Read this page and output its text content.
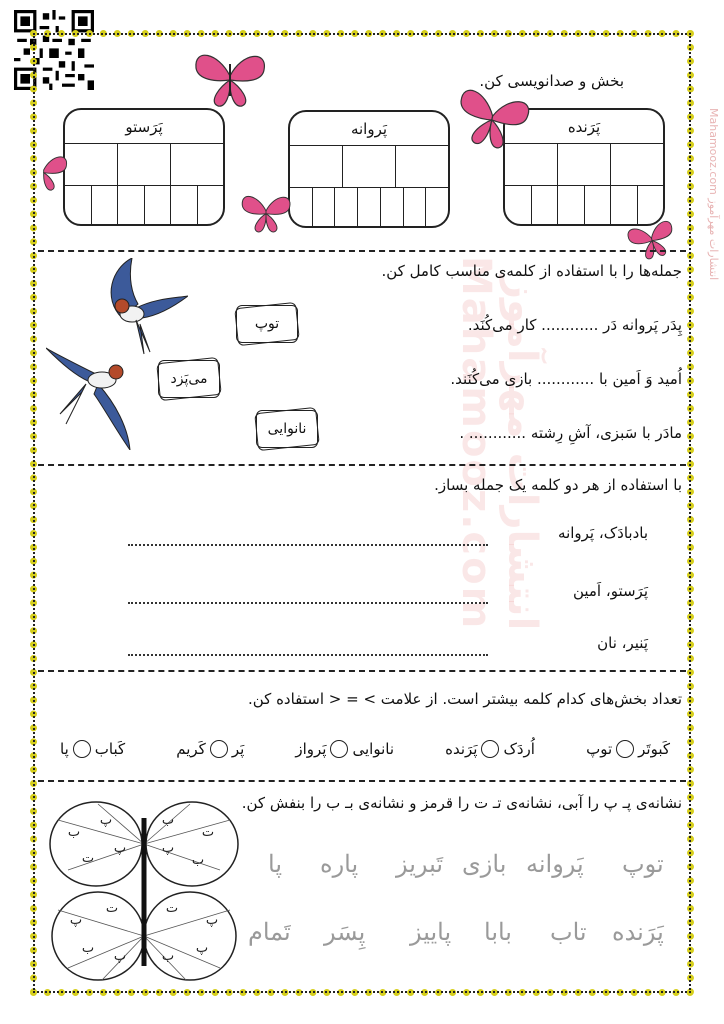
انتشارات مهرآموز Mahamooz.com
انتشارات مهرآموز Mahamooz.com
بخش و صدانویسی کن.
پَرَنده
پَروانه
پَرَستو
جمله‌ها را با استفاده از کلمه‌ی مناسب کامل کن.
پِدَر پَروانه دَر ............ کار می‌کُنَد.
اُمید وَ اَمین با ............ بازی می‌کُنَند.
مادَر با سَبزی، آشِ رِشته ............ .
توپ
می‌پَزد
نانوایی
با استفاده از هر دو کلمه یک جمله بساز.
بادبادَک، پَروانه
پَرَستو، اَمین
پَنیر، نان
تعداد بخش‌های کدام کلمه بیشتر است. از علامت > = < استفاده کن.
کَبوتَر
توپ
اُردَک
پَرَنده
نانوایی
پَرواز
پَر
کَریم
کَباب
پا
نشانه‌ی پـ پ را آبی، نشانه‌ی تـ ت را قرمز و نشانه‌ی بـ ب را بنفش کن.
توپ
پَروانه
بازی
تَبریز
پاره
پا
پَرَنده
تاب
بابا
پاییز
پِسَر
تَمام
ب
پ
ت
پ
ب
ت
پ
ب
پ
ت
ب
پ
ت
پ
ب
پ
